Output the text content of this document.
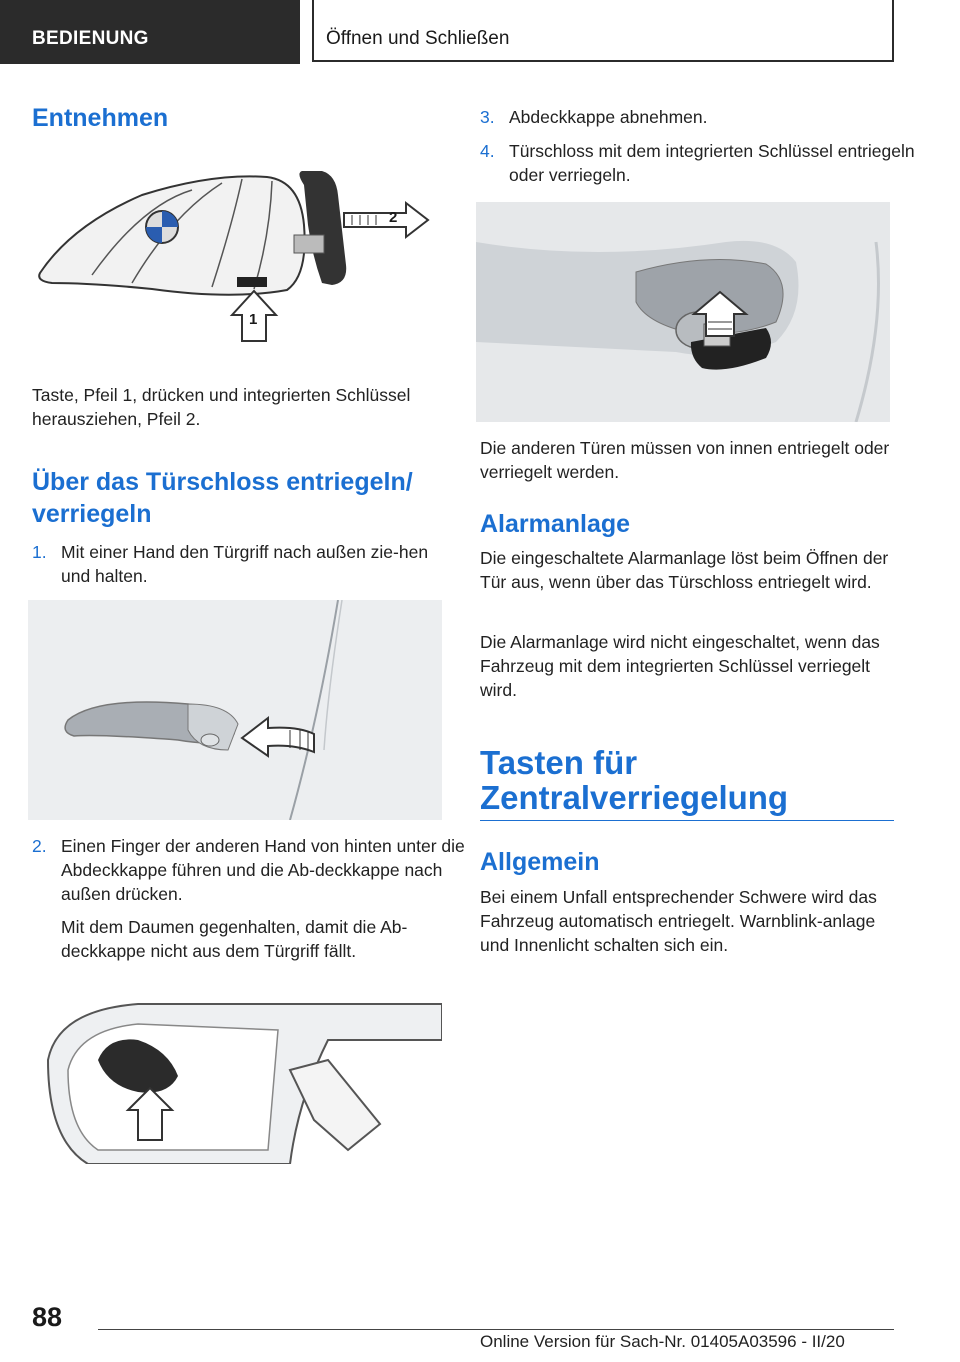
BEDIENUNG	Öffnen und Schließen
Entnehmen
1
2

Taste, Pfeil 1, drücken und integrierten Schlüssel herausziehen, Pfeil 2.

Über das Türschloss entriegeln/
verriegeln
1. Mit einer Hand den Türgriff nach außen zie‐hen und halten.
2. Einen Finger der anderen Hand von hinten unter die Abdeckkappe führen und die Ab‐deckkappe nach außen drücken.

Mit dem Daumen gegenhalten, damit die Ab‐deckkappe nicht aus dem Türgriff fällt.

3. Abdeckkappe abnehmen.
4. Türschloss mit dem integrierten Schlüssel entriegeln oder verriegeln.

Die anderen Türen müssen von innen entriegelt oder verriegelt werden.

Alarmanlage

Die eingeschaltete Alarmanlage löst beim Öffnen der Tür aus, wenn über das Türschloss entriegelt wird.

Die Alarmanlage wird nicht eingeschaltet, wenn das Fahrzeug mit dem integrierten Schlüssel verriegelt wird.

Tasten für
Zentralverriegelung
Allgemein

Bei einem Unfall entsprechender Schwere wird das Fahrzeug automatisch entriegelt. Warnblink‐anlage und Innenlicht schalten sich ein.

88
Online Version für Sach-Nr. 01405A03596 - II/20
